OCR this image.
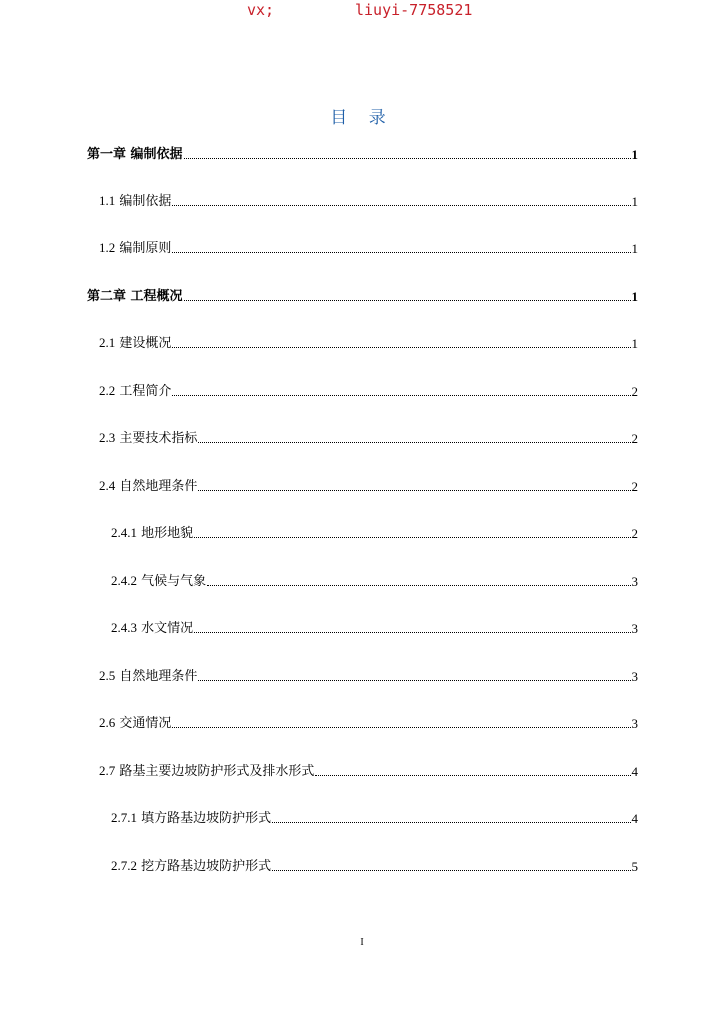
vx;	liuyi-7758521
目 录
第一章 编制依据	1
1.1 编制依据	1
1.2 编制原则	1
第二章 工程概况	1
2.1 建设概况	1
2.2 工程简介	2
2.3 主要技术指标	2
2.4 自然地理条件	2
2.4.1 地形地貌	2
2.4.2 气候与气象	3
2.4.3 水文情况	3
2.5 自然地理条件	3
2.6 交通情况	3
2.7 路基主要边坡防护形式及排水形式	4
2.7.1 填方路基边坡防护形式	4
2.7.2 挖方路基边坡防护形式	5
I
